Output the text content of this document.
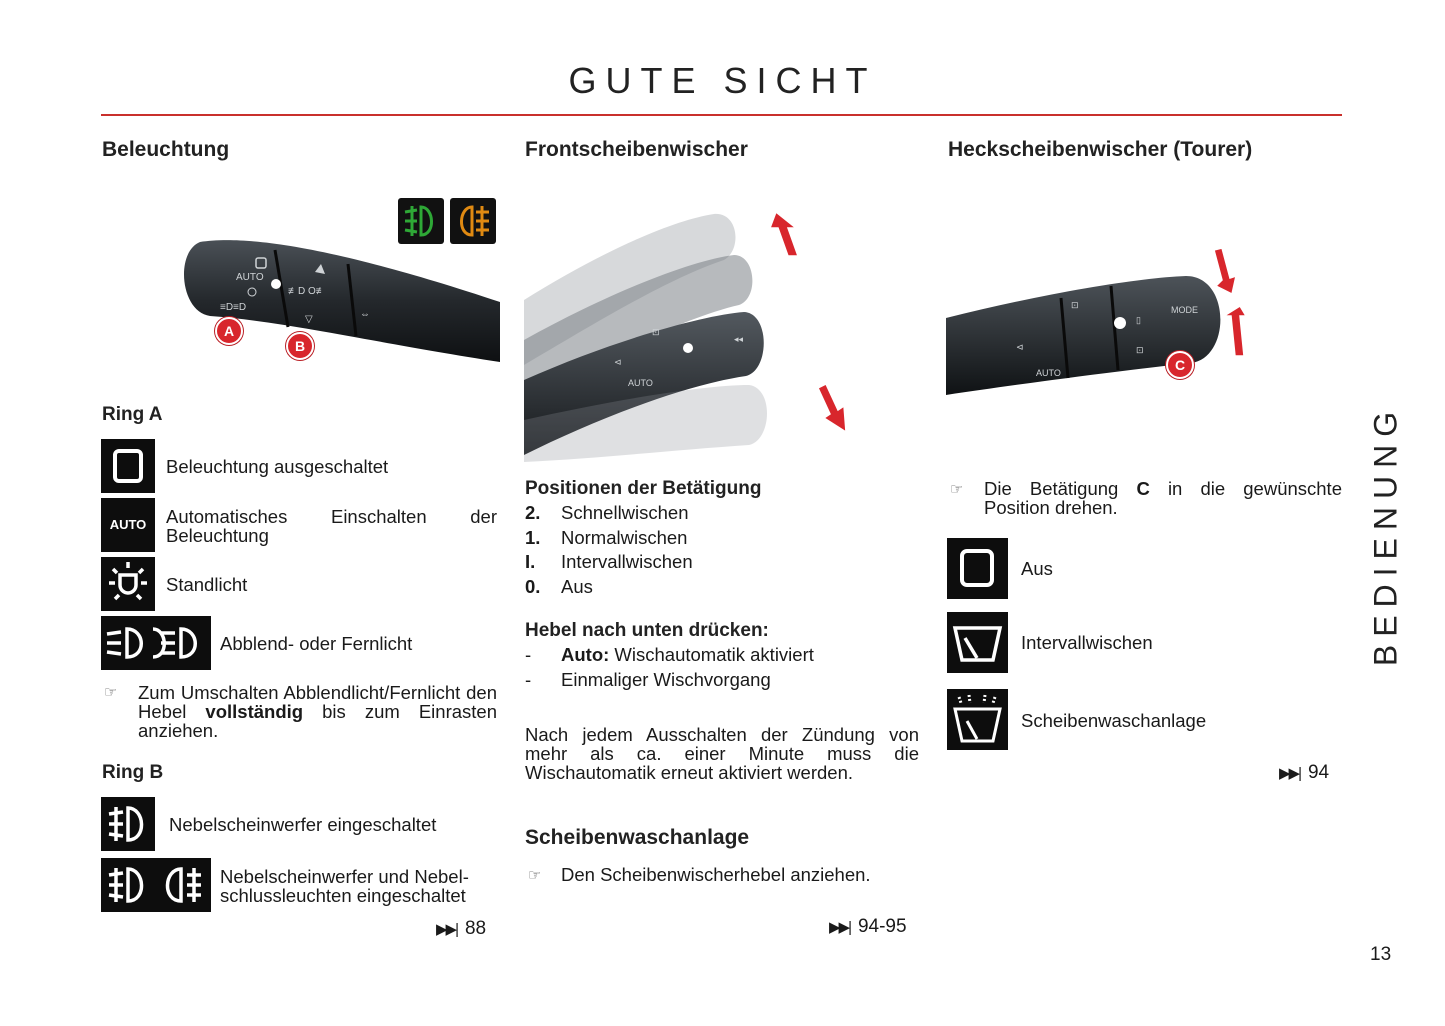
GUTE SICHT
BEDIENUNG
13
Beleuchtung
AUTO
≡D≡D
≢D O≢
▽	⇔
A
B
Ring A
Beleuchtung ausgeschaltet
AUTO	Automatisches Einschalten der Beleuchtung
Standlicht
Abblend- oder Fernlicht
☞ Zum Umschalten Abblendlicht/Fernlicht den Hebel vollständig bis zum Einrasten anziehen.
Ring B
Nebelscheinwerfer eingeschaltet
Nebelscheinwerfer und Nebelschlussleuchten eingeschaltet
▶▶| 88
Frontscheibenwischer
⊲
⊡
AUTO
◂◂
Positionen der Betätigung
2. Schnellwischen
1. Normalwischen
I. Intervallwischen
0. Aus
Hebel nach unten drücken:
- Auto: Wischautomatik aktiviert
- Einmaliger Wischvorgang
Nach jedem Ausschalten der Zündung von mehr als ca. einer Minute muss die Wischautomatik erneut aktiviert werden.
Scheibenwaschanlage
☞ Den Scheibenwischerhebel anziehen.
▶▶| 94-95
Heckscheibenwischer (Tourer)
⊲
⊡
AUTO
MODE
▯
⊡
C
☞ Die Betätigung C in die gewünschte Position drehen.
Aus
Intervallwischen
Scheibenwaschanlage
▶▶| 94
